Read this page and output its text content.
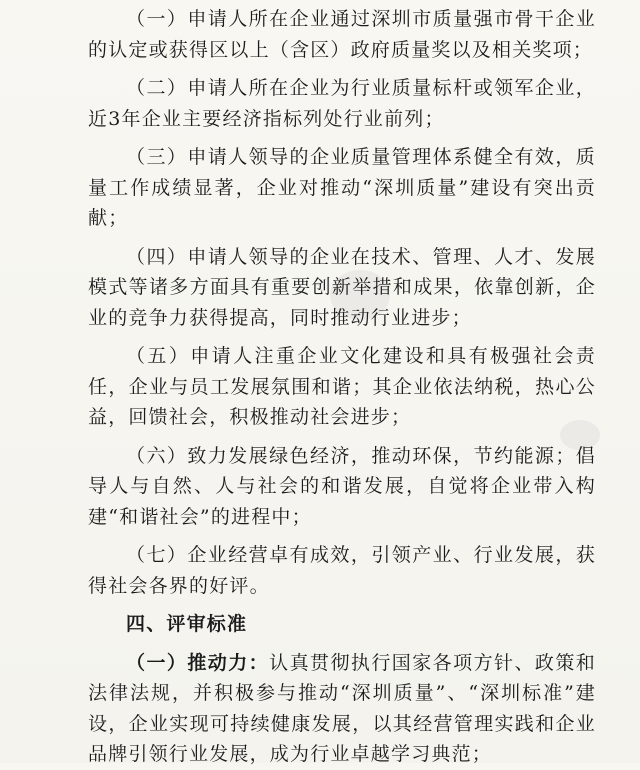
（一）申请人所在企业通过深圳市质量强市骨干企业的认定或获得区以上（含区）政府质量奖以及相关奖项；

（二）申请人所在企业为行业质量标杆或领军企业，近3年企业主要经济指标列处行业前列；

（三）申请人领导的企业质量管理体系健全有效，质量工作成绩显著，企业对推动“深圳质量”建设有突出贡献；

（四）申请人领导的企业在技术、管理、人才、发展模式等诸多方面具有重要创新举措和成果，依靠创新，企业的竞争力获得提高，同时推动行业进步；

（五）申请人注重企业文化建设和具有极强社会责任，企业与员工发展氛围和谐；其企业依法纳税，热心公益，回馈社会，积极推动社会进步；

（六）致力发展绿色经济，推动环保，节约能源；倡导人与自然、人与社会的和谐发展，自觉将企业带入构建“和谐社会”的进程中；

（七）企业经营卓有成效，引领产业、行业发展，获得社会各界的好评。

四、评审标准

（一）推动力：认真贯彻执行国家各项方针、政策和法律法规，并积极参与推动“深圳质量”、“深圳标准”建设，企业实现可持续健康发展，以其经营管理实践和企业品牌引领行业发展，成为行业卓越学习典范；
